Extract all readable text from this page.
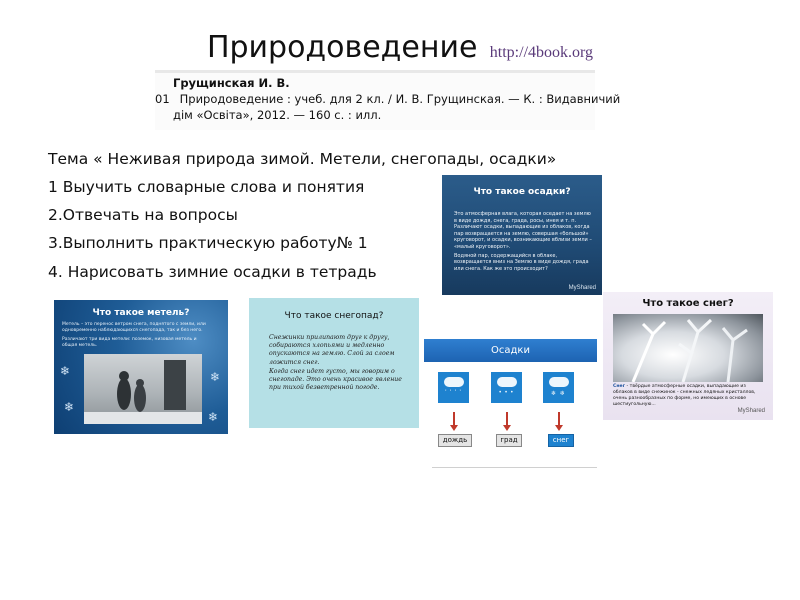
Природоведение http://4book.org
Грущинская И. В.
01 Природоведение : учеб. для 2 кл. / И. В. Грущинская. — К. : Видавничий
дім «Освіта», 2012. — 160 с. : илл.
Тема « Неживая природа зимой. Метели, снегопады, осадки»
1 Выучить словарные слова и понятия
2.Отвечать на вопросы
3.Выполнить практическую работу№ 1
4. Нарисовать зимние осадки в тетрадь
Что такое осадки?
Это атмосферная влага, которая оседает на землю в виде дождя, снега, града, росы, инея и т. п. Различают осадки, выпадающие из облаков, когда пар возвращается на землю, совершая «большой» круговорот, и осадки, возникающие вблизи земли – «малый круговорот».
Водяной пар, содержащийся в облаке, возвращается вниз на Землю в виде дождя, града или снега. Как же это происходит?
MyShared
Что такое метель?
Метель – это перенос ветром снега, поднятого с земли, или одновременно наблюдающихся снегопада, так и без него.
Различают три вида метели: поземок, низовая метель и общая метель.
❄
❄
❄
❄
Что такое снегопад?
Снежинки прилипают друг к другу, собираются хлопьями и медленно опускаются на землю. Слой за слоем ложится снег.
Когда снег идет густо, мы говорим о снегопаде. Это очень красивое явление при тихой безветренной погоде.
Осадки
' ' ' '	• • •	❄ ❄
дождь	град	снег
Что такое снег?
Снег - твёрдые атмосферные осадки, выпадающие из облаков в виде снежинок - снежных ледяных кристаллов, очень разнообразных по форме, но имеющих в основе шестиугольную...
MyShared
